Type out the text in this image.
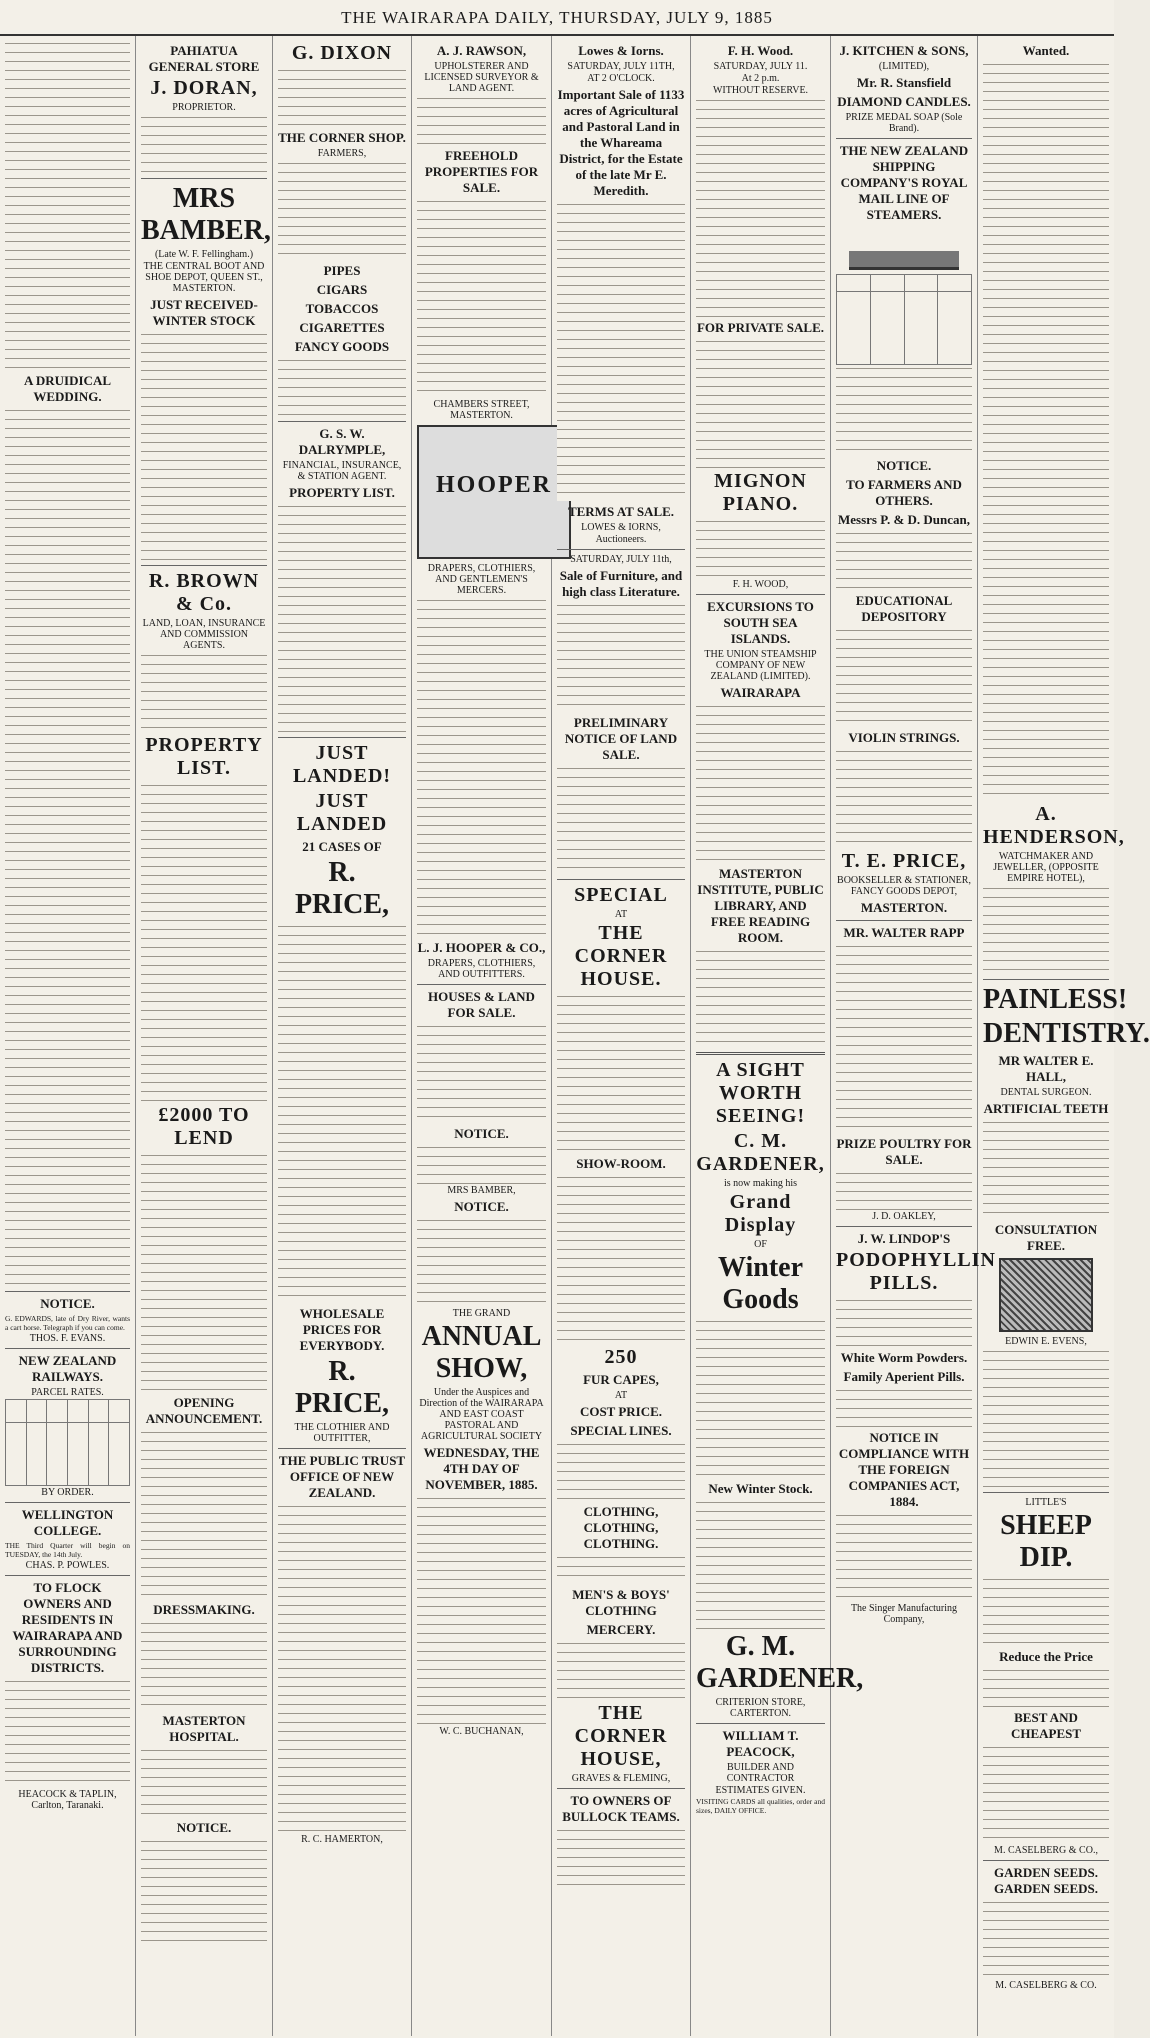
THE WAIRARAPA DAILY, THURSDAY, JULY 9, 1885
A DRUIDICAL WEDDING.
NOTICE.
G. EDWARDS, late of Dry River, wants a cart horse. Telegraph if you can come.
THOS. F. EVANS.
NEW ZEALAND RAILWAYS.
PARCEL RATES.

BY ORDER.
WELLINGTON COLLEGE.
THE Third Quarter will begin on TUESDAY, the 14th July.
CHAS. P. POWLES.
TO FLOCK OWNERS AND RESIDENTS IN WAIRARAPA AND SURROUNDING DISTRICTS.
HEACOCK & TAPLIN, Carlton, Taranaki.
PAHIATUA GENERAL STORE
J. DORAN,
PROPRIETOR.
MRS BAMBER,
(Late W. F. Fellingham.)
THE CENTRAL BOOT AND SHOE DEPOT, QUEEN ST., MASTERTON.
JUST RECEIVED-WINTER STOCK
R. BROWN & Co.
LAND, LOAN, INSURANCE AND COMMISSION AGENTS.
PROPERTY LIST.
£2000 TO LEND
OPENING ANNOUNCEMENT.
DRESSMAKING.
MASTERTON HOSPITAL.
NOTICE.
G. DIXON
THE CORNER SHOP.
FARMERS,
PIPES
CIGARS
TOBACCOS
CIGARETTES
FANCY GOODS
G. S. W. DALRYMPLE,
FINANCIAL, INSURANCE, & STATION AGENT.
PROPERTY LIST.
JUST LANDED!
JUST LANDED
21 CASES OF
R. PRICE,
WHOLESALE PRICES FOR EVERYBODY.
R. PRICE,
THE CLOTHIER AND OUTFITTER,
THE PUBLIC TRUST OFFICE OF NEW ZEALAND.
R. C. HAMERTON,
A. J. RAWSON,
UPHOLSTERER AND LICENSED SURVEYOR & LAND AGENT.
FREEHOLD PROPERTIES FOR SALE.
CHAMBERS STREET, MASTERTON.
HOOPER
DRAPERS, CLOTHIERS, AND GENTLEMEN'S MERCERS.
L. J. HOOPER & CO.,
DRAPERS, CLOTHIERS, AND OUTFITTERS.
HOUSES & LAND FOR SALE.
NOTICE.
MRS BAMBER,
NOTICE.
THE GRAND
ANNUAL SHOW,
Under the Auspices and Direction of the WAIRARAPA AND EAST COAST PASTORAL AND AGRICULTURAL SOCIETY
WEDNESDAY, THE 4TH DAY OF NOVEMBER, 1885.
W. C. BUCHANAN,
Lowes & Iorns.
SATURDAY, JULY 11TH,
AT 2 O'CLOCK.
Important Sale of 1133 acres of Agricultural and Pastoral Land in the Whareama District, for the Estate of the late Mr E. Meredith.
TERMS AT SALE.
LOWES & IORNS,
Auctioneers.
SATURDAY, JULY 11th,
Sale of Furniture, and high class Literature.
PRELIMINARY NOTICE OF LAND SALE.
SPECIAL
AT
THE CORNER HOUSE.
SHOW-ROOM.
250
FUR CAPES,
AT
COST PRICE.
SPECIAL LINES.
CLOTHING, CLOTHING, CLOTHING.
MEN'S & BOYS' CLOTHING
MERCERY.
THE CORNER HOUSE,
GRAVES & FLEMING,
TO OWNERS OF BULLOCK TEAMS.
F. H. Wood.
SATURDAY, JULY 11.
At 2 p.m.
WITHOUT RESERVE.
FOR PRIVATE SALE.
MIGNON PIANO.
F. H. WOOD,
EXCURSIONS TO SOUTH SEA ISLANDS.
THE UNION STEAMSHIP COMPANY OF NEW ZEALAND (LIMITED).
WAIRARAPA
MASTERTON INSTITUTE, PUBLIC LIBRARY, AND FREE READING ROOM.
A SIGHT WORTH SEEING!
C. M. GARDENER,
is now making his
Grand Display
OF
Winter Goods
New Winter Stock.
G. M. GARDENER,
CRITERION STORE, CARTERTON.
WILLIAM T. PEACOCK,
BUILDER AND CONTRACTOR
ESTIMATES GIVEN.
VISITING CARDS all qualities, order and sizes, DAILY OFFICE.
J. KITCHEN & SONS,
(LIMITED),
Mr. R. Stansfield
DIAMOND CANDLES.
PRIZE MEDAL SOAP (Sole Brand).
THE NEW ZEALAND SHIPPING COMPANY'S ROYAL MAIL LINE OF STEAMERS.

NOTICE.
TO FARMERS AND OTHERS.
Messrs P. & D. Duncan,
EDUCATIONAL DEPOSITORY
VIOLIN STRINGS.
T. E. PRICE,
BOOKSELLER & STATIONER, FANCY GOODS DEPOT,
MASTERTON.
MR. WALTER RAPP
PRIZE POULTRY FOR SALE.
J. D. OAKLEY,
J. W. LINDOP'S
PODOPHYLLIN PILLS.
White Worm Powders.
Family Aperient Pills.
NOTICE IN COMPLIANCE WITH THE FOREIGN COMPANIES ACT, 1884.
The Singer Manufacturing Company,
Wanted.
A. HENDERSON,
WATCHMAKER AND JEWELLER, (OPPOSITE EMPIRE HOTEL),
PAINLESS!
DENTISTRY.
MR WALTER E. HALL,
DENTAL SURGEON.
ARTIFICIAL TEETH
CONSULTATION FREE.
EDWIN E. EVENS,
LITTLE'S
SHEEP DIP.
Reduce the Price
BEST AND CHEAPEST
M. CASELBERG & CO.,
GARDEN SEEDS. GARDEN SEEDS.
M. CASELBERG & CO.
